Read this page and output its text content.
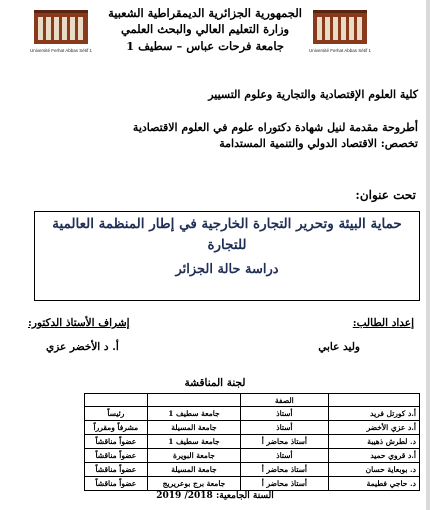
Université Ferhat Abbas Sétif 1	Université Ferhat Abbas Sétif 1
الجمهورية الجزائرية الديمقراطية الشعبية
وزارة التعليم العالي والبحث العلمي
جامعة فرحات عباس – سطيف 1
كلية العلوم الإقتصادية والتجارية وعلوم التسيير
أطروحة مقدمة لنيل شهادة دكتوراه علوم في العلوم الاقتصادية
تخصص: الاقتصاد الدولي والتنمية المستدامة
تحت عنوان:
حماية البيئة وتحرير التجارة الخارجية في إطار المنظمة العالمية
للتجارة
دراسة حالة الجزائر
إعداد الطالب:
إشراف الأستاذ الدكتور:
وليد عابي
أ. د الأخضر عزي
لجنة المناقشة
	الصفة		
أ.د كورتل فريد	أستاذ	جامعة سطيف 1	رئيساً
أ.د عزي الأخضر	أستاذ	جامعة المسيلة	مشرفاً ومقرراً
د. لطرش ذهيبة	أستاذ محاضر أ	جامعة سطيف 1	عضواً مناقشاً
أ.د قروي حميد	أستاذ	جامعة البويرة	عضواً مناقشاً
د. بوبعاية حسان	أستاذ محاضر أ	جامعة المسيلة	عضواً مناقشاً
د. حاجي فطيمة	أستاذ محاضر أ	جامعة برج بوعريريج	عضواً مناقشاً
السنة الجامعية: 2018/ 2019
